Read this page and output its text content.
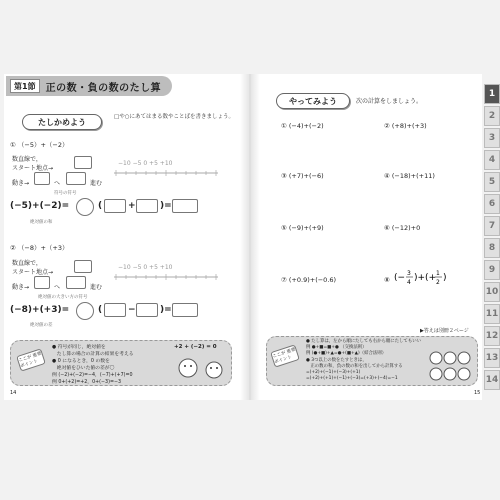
第1節	正の数・負の数のたし算
たしかめよう
□や○にあてはまる数やことばを書きましょう。
① （−5）+（−2）
数直線で，
スタート地点→
動き→	へ	進む
−10 −5 0 +5 +10
符号の符号
(−5)+(−2)=	(	+	)=
絶対値の和
② （−8）+（+3）
数直線で，
スタート地点→
動き→	へ	進む
−10 −5 0 +5 +10
絶対値の大きい方の符号
(−8)+(+3)=	(	−	)=
絶対値の差
ここが 重要ポイント
● 符号が同じ，絶対値を
　たし算の場合の計算の結果を考える
● 0 になるとき，0 の数を
　絶対値をひいた値の差が〇
例 (−2)+(−2)=−4，(−7)+(+7)=0
例 0+(+2)=+2，0+(−3)=−3
+2 + (−2) = 0
14
やってみよう	次の計算をしましょう。
① (−4)+(−2)	② (+8)+(+3)
③ (+7)+(−6)	④ (−18)+(+11)
⑤ (−9)+(+9)	⑥ (−12)+0
⑦ (+0.9)+(−0.6)	⑧ (− 3
4 )+(+ 1
2 )
▶答えは別冊２ページ
ここが 重要ポイント
● たし算は，左から順にたしても右から順にたしてもいい
例 ●+■=■+● （交換法則）
例 (●+■)+▲=●+(■+▲)（結合法則）
● 3つ以上の数をたすときは，
　正の数の和，負の数の和を出してから計算する
=(+2)+(−1)+(−3)+(+1)
=(+2)+(+1)+(−1)+(−3)=(+3)+(−4)=−1
15
1
2
3
4
5
6
7
8
9
10
11
12
13
14
